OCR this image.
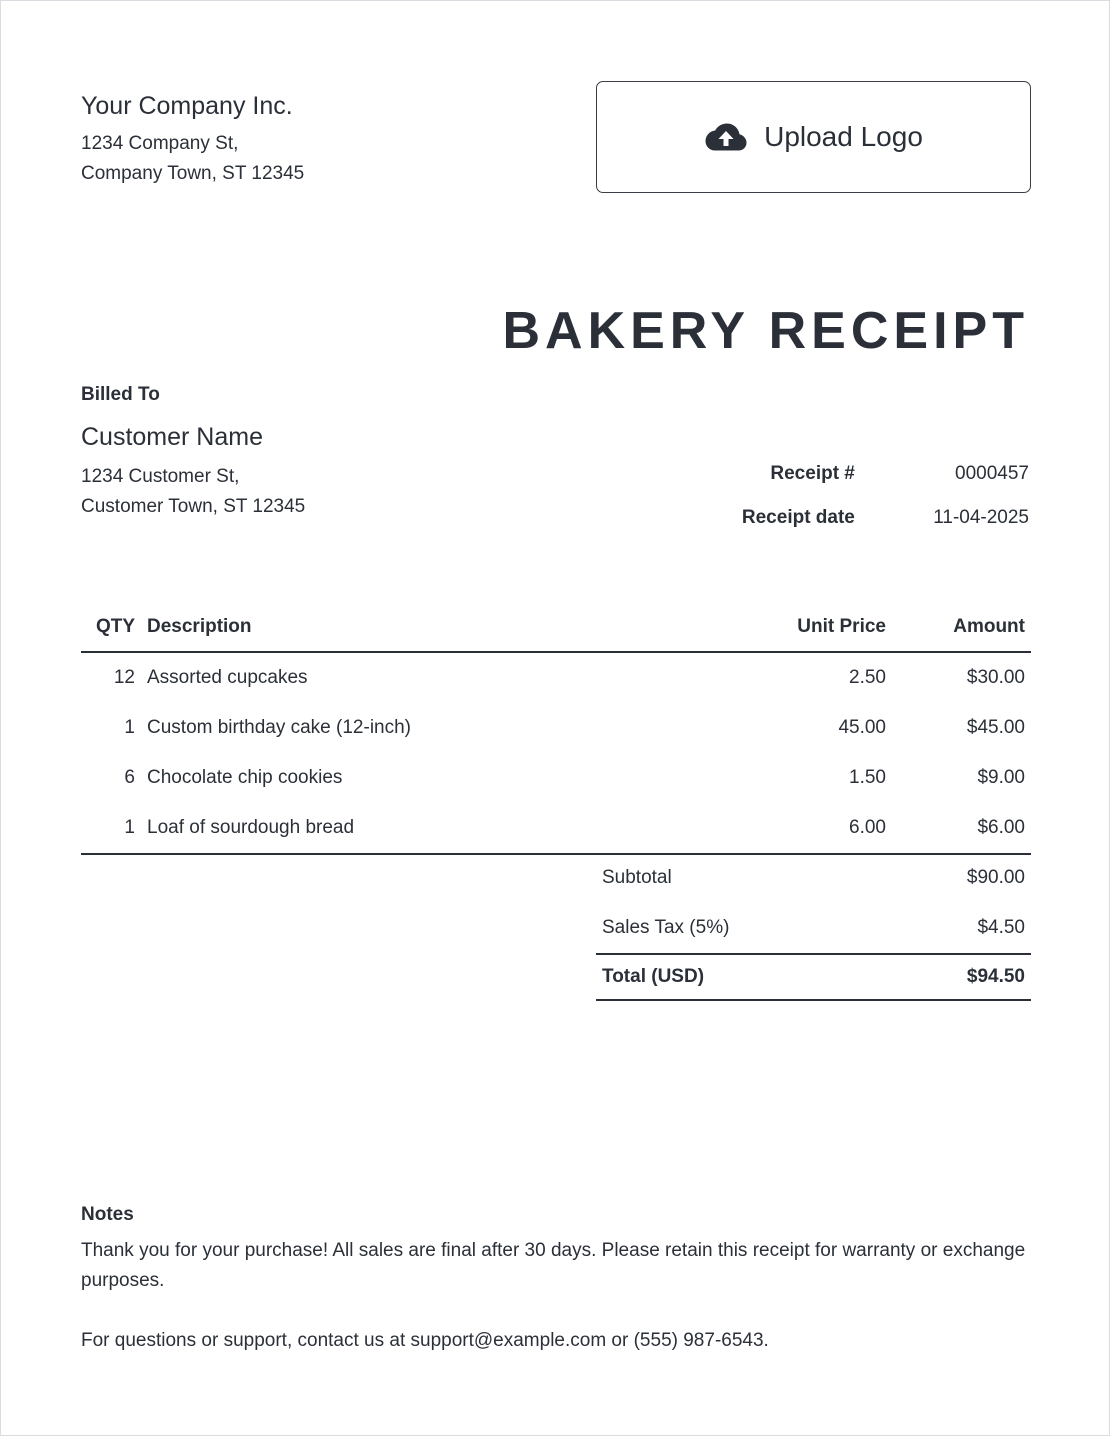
Your Company Inc.
1234 Company St,
Company Town, ST 12345
Upload Logo
BAKERY RECEIPT
Billed To
Customer Name
1234 Customer St,
Customer Town, ST 12345
Receipt #	0000457
Receipt date	11-04-2025
QTY Description	Unit Price	Amount
12 Assorted cupcakes	2.50	$30.00
1 Custom birthday cake (12-inch)	45.00	$45.00
6 Chocolate chip cookies	1.50	$9.00
1 Loaf of sourdough bread	6.00	$6.00
Subtotal	$90.00
Sales Tax (5%)	$4.50
Total (USD)	$94.50
Notes
Thank you for your purchase! All sales are final after 30 days. Please retain this receipt for warranty or exchange purposes.
For questions or support, contact us at support@example.com or (555) 987-6543.
